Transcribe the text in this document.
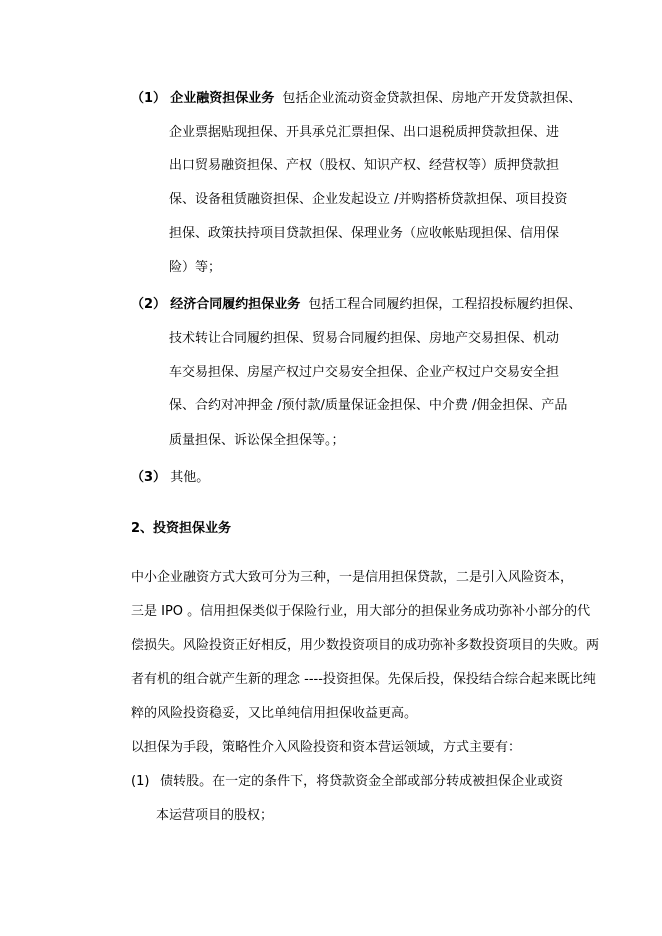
（1） 企业融资担保业务 包括企业流动资金贷款担保、房地产开发贷款担保、
企业票据贴现担保、开具承兑汇票担保、出口退税质押贷款担保、进
出口贸易融资担保、产权（股权、知识产权、经营权等）质押贷款担
保、设备租赁融资担保、企业发起设立 /并购搭桥贷款担保、项目投资
担保、政策扶持项目贷款担保、保理业务（应收帐贴现担保、信用保
险）等；
（2） 经济合同履约担保业务 包括工程合同履约担保，工程招投标履约担保、
技术转让合同履约担保、贸易合同履约担保、房地产交易担保、机动
车交易担保、房屋产权过户交易安全担保、企业产权过户交易安全担
保、合约对冲押金 /预付款/质量保证金担保、中介费 /佣金担保、产品
质量担保、诉讼保全担保等。；
（3） 其他。
2、投资担保业务
中小企业融资方式大致可分为三种，一是信用担保贷款，二是引入风险资本，
三是 IPO 。信用担保类似于保险行业，用大部分的担保业务成功弥补小部分的代
偿损失。风险投资正好相反，用少数投资项目的成功弥补多数投资项目的失败。两
者有机的组合就产生新的理念 ----投资担保。先保后投，保投结合综合起来既比纯
粹的风险投资稳妥，又比单纯信用担保收益更高。
以担保为手段，策略性介入风险投资和资本营运领域，方式主要有：
(1) 债转股。在一定的条件下，将贷款资金全部或部分转成被担保企业或资
本运营项目的股权；
